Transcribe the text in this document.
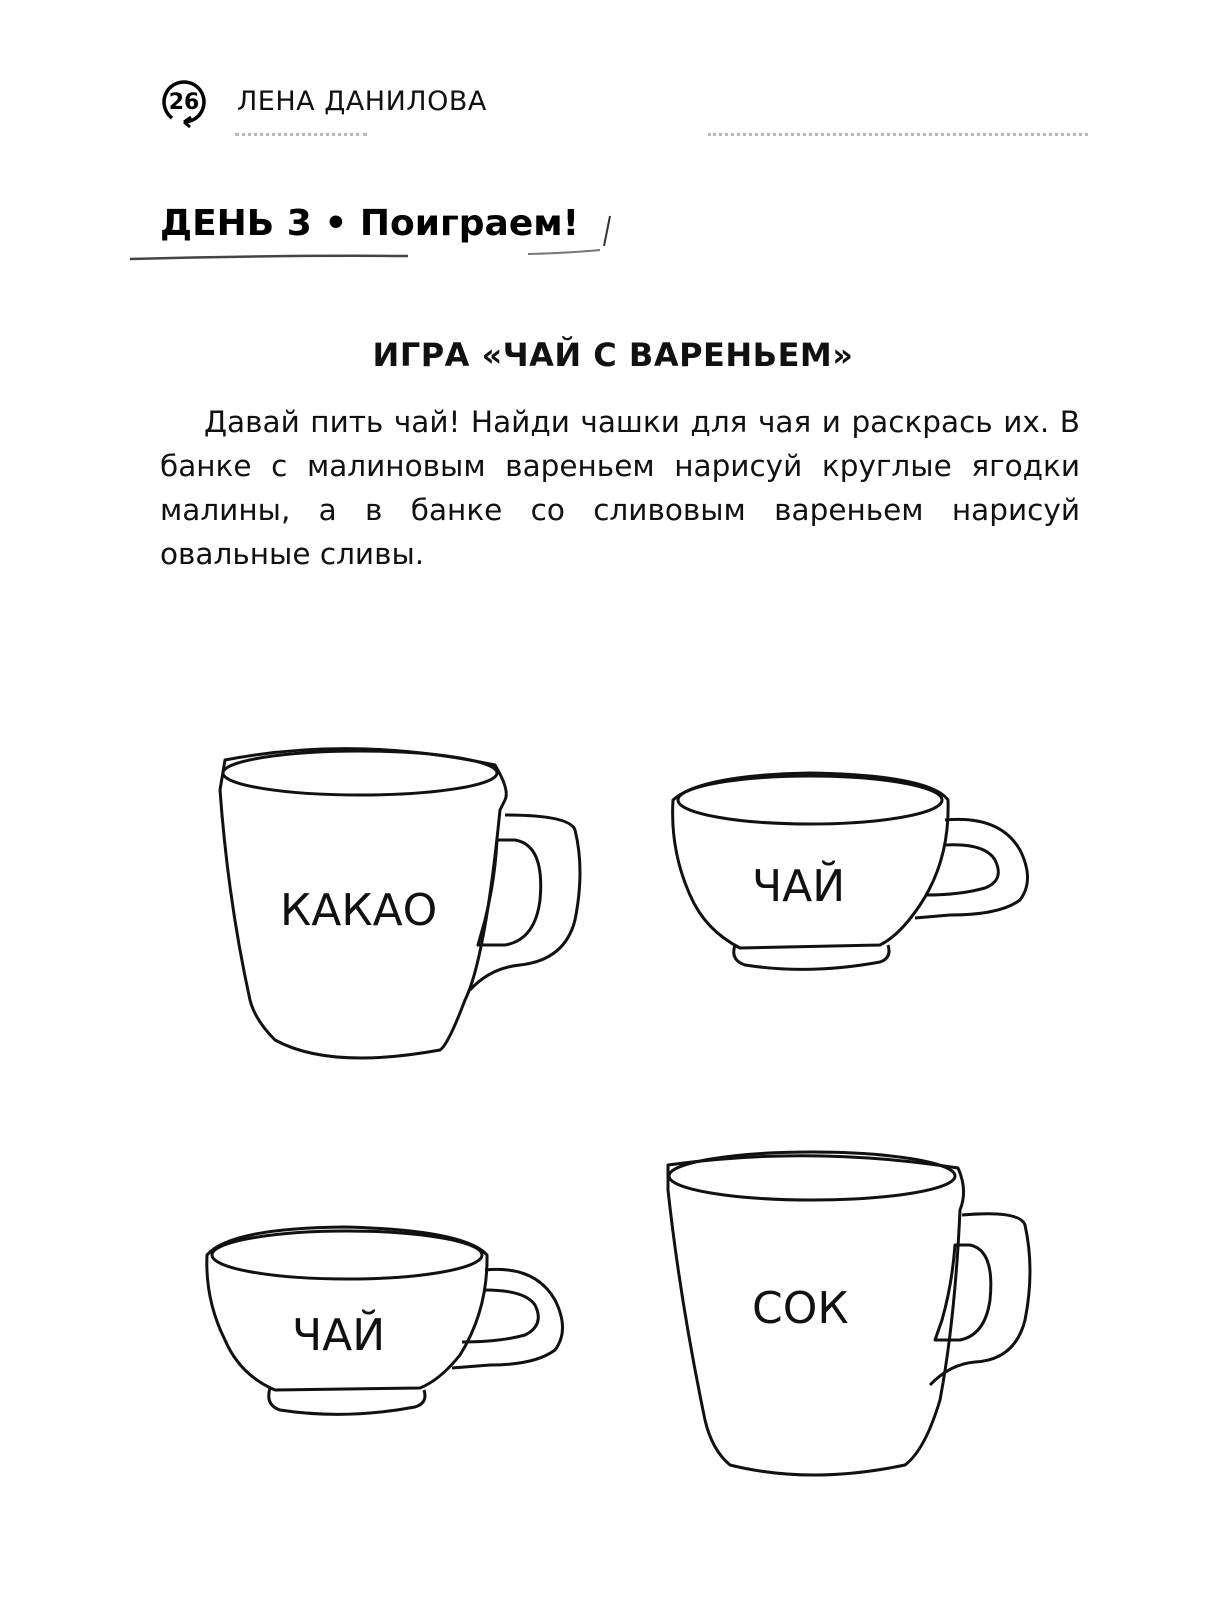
26	ЛЕНА ДАНИЛОВА
ДЕНЬ 3 • Поиграем!
ИГРА «ЧАЙ С ВАРЕНЬЕМ»

Давай пить чай! Найди чашки для чая и раскрась их. В банке с малиновым вареньем нарисуй круглые ягодки малины, а в банке со сливовым вареньем нарисуй овальные сливы.

КАКАО	ЧАЙ
ЧАЙ
СОК
